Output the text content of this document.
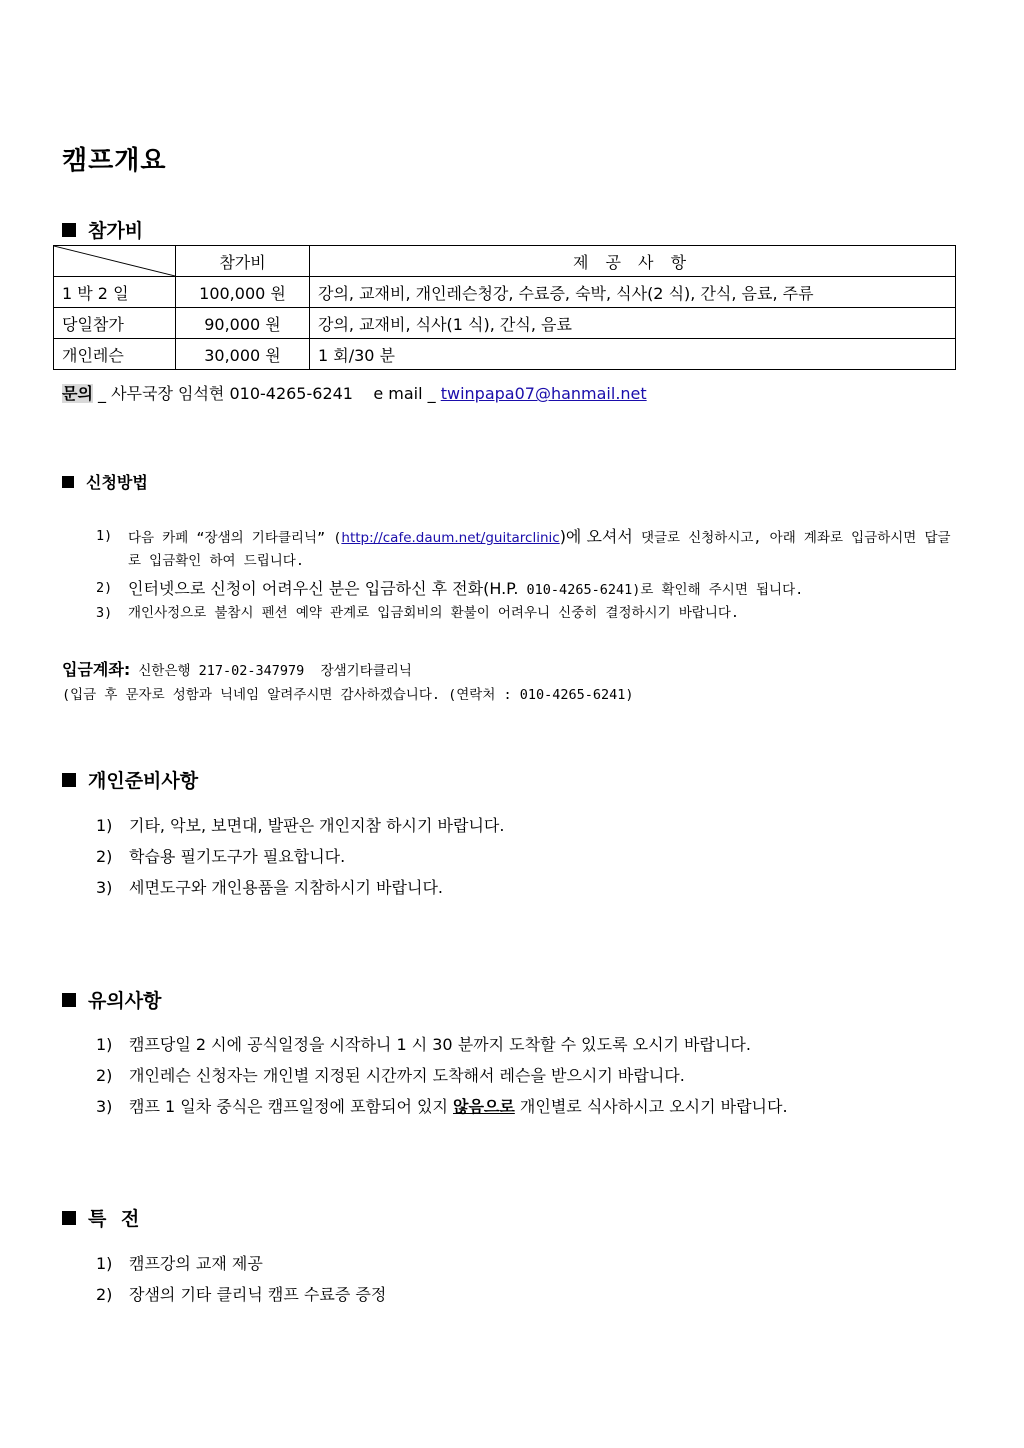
캠프개요
참가비
	참가비	제 공 사 항
1 박 2 일	100,000 원	강의, 교재비, 개인레슨청강, 수료증, 숙박, 식사(2 식), 간식, 음료, 주류
당일참가	90,000 원	강의, 교재비, 식사(1 식), 간식, 음료
개인레슨	30,000 원	1 회/30 분
문의 _ 사무국장 임석현 010-4265-6241    e mail _ twinpapa07@hanmail.net
신청방법
1)	다음 카페 “장샘의 기타클리닉” (http://cafe.daum.net/guitarclinic)에 오셔서 댓글로 신청하시고, 아래 계좌로 입금하시면 답글로 입금확인 하여 드립니다.
2) 인터넷으로 신청이 어려우신 분은 입금하신 후 전화(H.P. 010-4265-6241)로 확인해 주시면 됩니다.
3)	개인사정으로 불참시 펜션 예약 관계로 입금회비의 환불이 어려우니 신중히 결정하시기 바랍니다.
입금계좌: 신한은행 217-02-347979  장샘기타클리닉
(입금 후 문자로 성함과 닉네임 알려주시면 감사하겠습니다. (연락처 : 010-4265-6241)
개인준비사항
1)	기타, 악보, 보면대, 발판은 개인지참 하시기 바랍니다.
2)	학습용 필기도구가 필요합니다.
3)	세면도구와 개인용품을 지참하시기 바랍니다.
유의사항
1)	캠프당일 2 시에 공식일정을 시작하니 1 시 30 분까지 도착할 수 있도록 오시기 바랍니다.
2)	개인레슨 신청자는 개인별 지정된 시간까지 도착해서 레슨을 받으시기 바랍니다.
3)	캠프 1 일차 중식은 캠프일정에 포함되어 있지 않음으로 개인별로 식사하시고 오시기 바랍니다.
특 전
1)	캠프강의 교재 제공
2)	장샘의 기타 클리닉 캠프 수료증 증정
